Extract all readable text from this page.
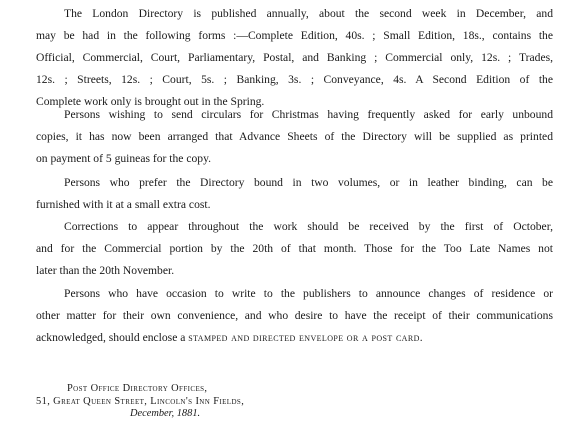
The London Directory is published annually, about the second week in December, and
may be had in the following forms :—Complete Edition, 40s. ; Small Edition, 18s., contains the
Official, Commercial, Court, Parliamentary, Postal, and Banking ; Commercial only, 12s. ; Trades,
12s. ; Streets, 12s. ; Court, 5s. ; Banking, 3s. ; Conveyance, 4s. A Second Edition of the
Complete work only is brought out in the Spring.

Persons wishing to send circulars for Christmas having frequently asked for early unbound
copies, it has now been arranged that Advance Sheets of the Directory will be supplied as printed
on payment of 5 guineas for the copy.

Persons who prefer the Directory bound in two volumes, or in leather binding, can be
furnished with it at a small extra cost.

Corrections to appear throughout the work should be received by the first of October,
and for the Commercial portion by the 20th of that month. Those for the Too Late Names not
later than the 20th November.

Persons who have occasion to write to the publishers to announce changes of residence or
other matter for their own convenience, and who desire to have the receipt of their communications
acknowledged, should enclose a stamped and directed envelope or a post card.

Post Office Directory Offices,
51, Great Queen Street, Lincoln's Inn Fields,
December, 1881.
